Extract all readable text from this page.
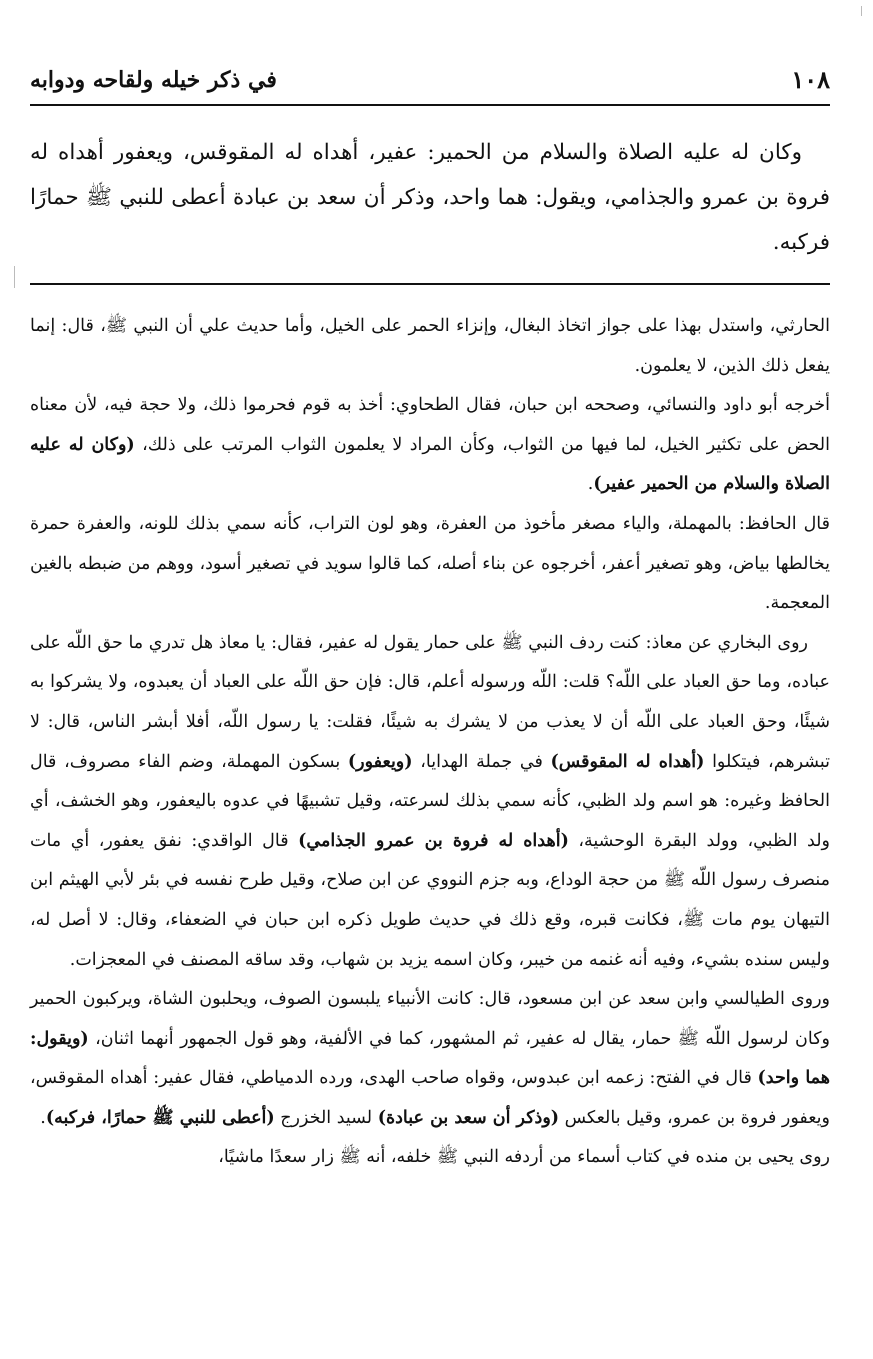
١٠٨
في ذكر خيله ولقاحه ودوابه

وكان له عليه الصلاة والسلام من الحمير: عفير، أهداه له المقوقس، ويعفور أهداه له فروة بن عمرو والجذامي، ويقول: هما واحد، وذكر أن سعد بن عبادة أعطى للنبي ﷺ حمارًا فركبه.

الحارثي، واستدل بهذا على جواز اتخاذ البغال، وإنزاء الحمر على الخيل، وأما حديث علي أن النبي ﷺ، قال: إنما يفعل ذلك الذين، لا يعلمون.

أخرجه أبو داود والنسائي، وصححه ابن حبان، فقال الطحاوي: أخذ به قوم فحرموا ذلك، ولا حجة فيه، لأن معناه الحض على تكثير الخيل، لما فيها من الثواب، وكأن المراد لا يعلمون الثواب المرتب على ذلك، (وكان له عليه الصلاة والسلام من الحمير عفير).

قال الحافظ: بالمهملة، والياء مصغر مأخوذ من العفرة، وهو لون التراب، كأنه سمي بذلك للونه، والعفرة حمرة يخالطها بياض، وهو تصغير أعفر، أخرجوه عن بناء أصله، كما قالوا سويد في تصغير أسود، ووهم من ضبطه بالغين المعجمة.

روى البخاري عن معاذ: كنت ردف النبي ﷺ على حمار يقول له عفير، فقال: يا معاذ هل تدري ما حق اللّه على عباده، وما حق العباد على اللّه؟ قلت: اللّه ورسوله أعلم، قال: فإن حق اللّه على العباد أن يعبدوه، ولا يشركوا به شيئًا، وحق العباد على اللّه أن لا يعذب من لا يشرك به شيئًا، فقلت: يا رسول اللّه، أفلا أبشر الناس، قال: لا تبشرهم، فيتكلوا (أهداه له المقوقس) في جملة الهدايا، (ويعفور) بسكون المهملة، وضم الفاء مصروف، قال الحافظ وغيره: هو اسم ولد الظبي، كأنه سمي بذلك لسرعته، وقيل تشبيهًا في عدوه باليعفور، وهو الخشف، أي ولد الظبي، وولد البقرة الوحشية، (أهداه له فروة بن عمرو الجذامي) قال الواقدي: نفق يعفور، أي مات منصرف رسول اللّه ﷺ من حجة الوداع، وبه جزم النووي عن ابن صلاح، وقيل طرح نفسه في بئر لأبي الهيثم ابن التيهان يوم مات ﷺ، فكانت قبره، وقع ذلك في حديث طويل ذكره ابن حبان في الضعفاء، وقال: لا أصل له، وليس سنده بشيء، وفيه أنه غنمه من خيبر، وكان اسمه يزيد بن شهاب، وقد ساقه المصنف في المعجزات.

وروى الطيالسي وابن سعد عن ابن مسعود، قال: كانت الأنبياء يلبسون الصوف، ويحلبون الشاة، ويركبون الحمير وكان لرسول اللّه ﷺ حمار، يقال له عفير، ثم المشهور، كما في الألفية، وهو قول الجمهور أنهما اثنان، (ويقول: هما واحد) قال في الفتح: زعمه ابن عبدوس، وقواه صاحب الهدى، ورده الدمياطي، فقال عفير: أهداه المقوقس، ويعفور فروة بن عمرو، وقيل بالعكس (وذكر أن سعد بن عبادة) لسيد الخزرج (أعطى للنبي ﷺ حمارًا، فركبه).

روى يحيى بن منده في كتاب أسماء من أردفه النبي ﷺ خلفه، أنه ﷺ زار سعدًا ماشيًا،
